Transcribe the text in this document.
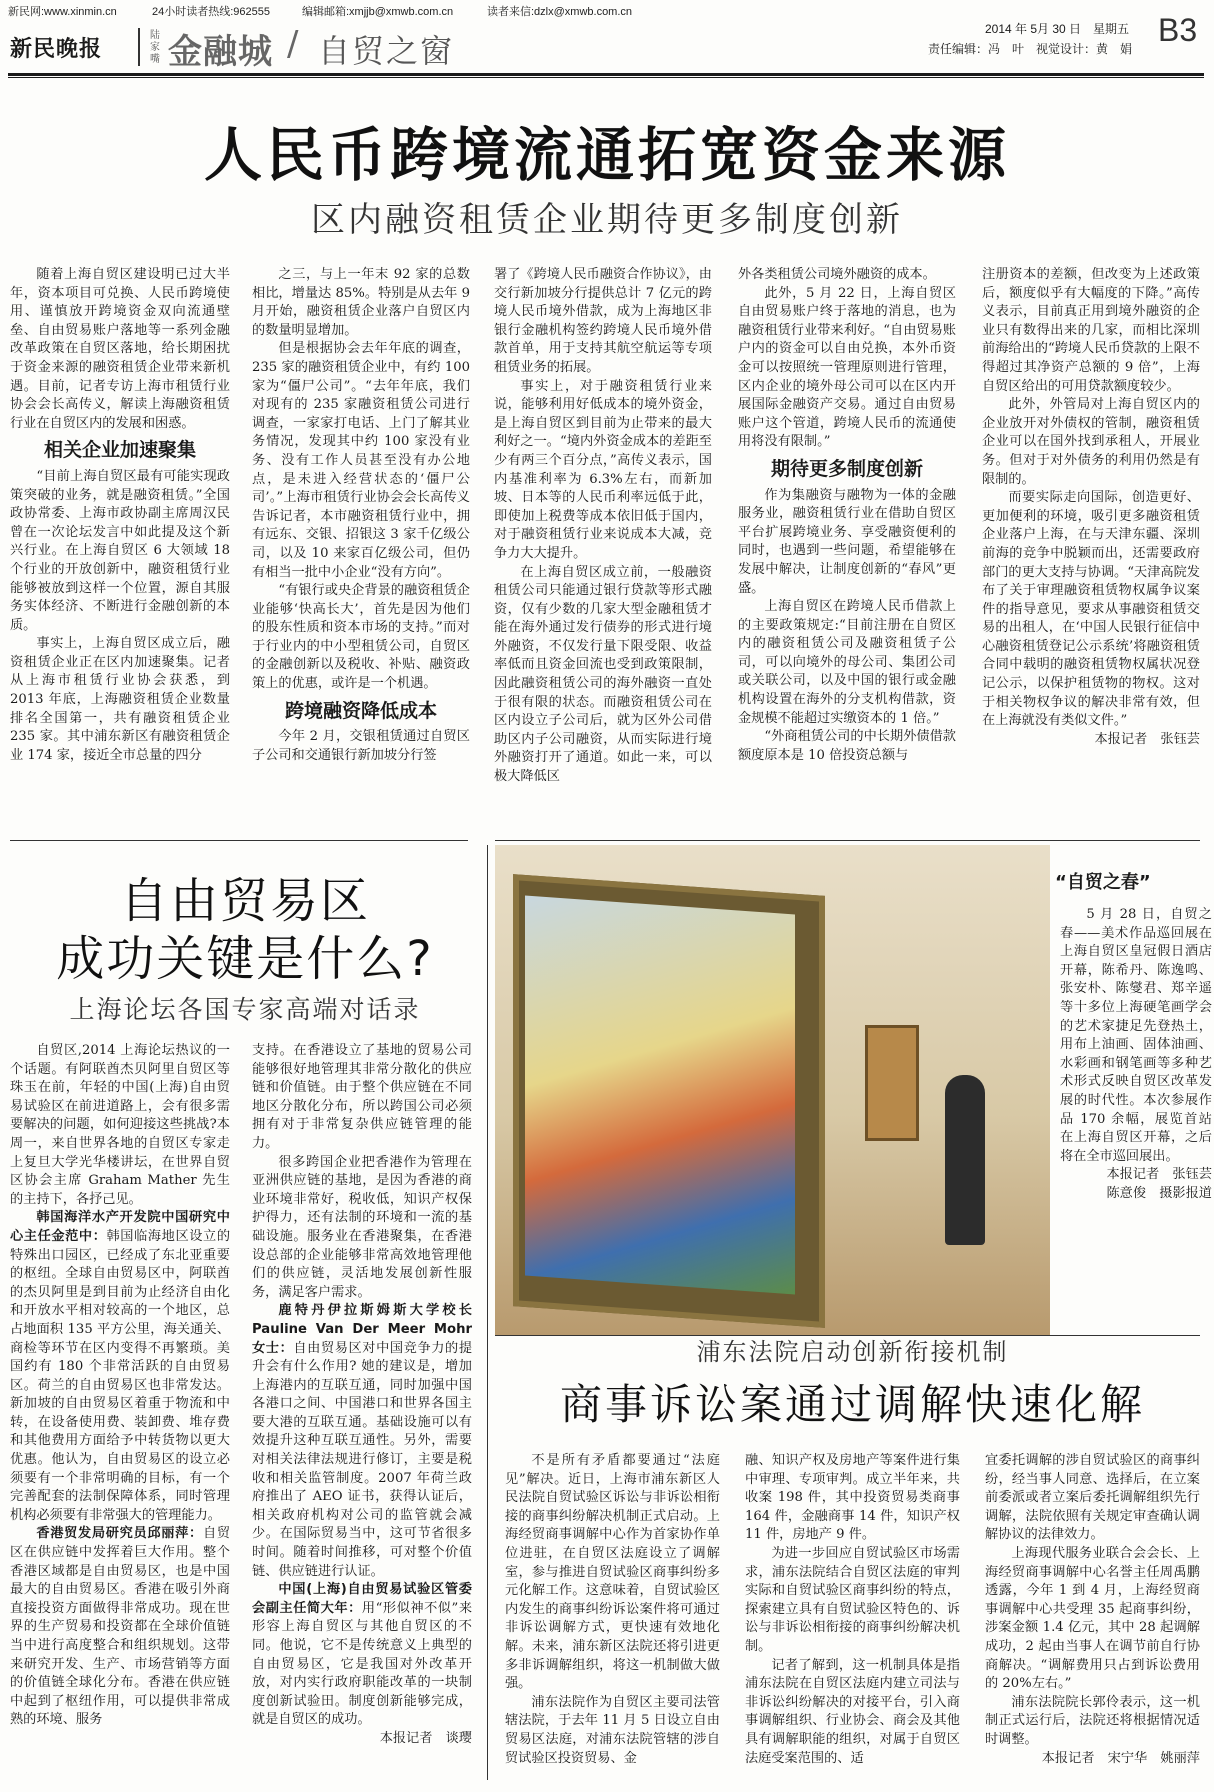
新民网:www.xinmin.cn	24小时读者热线:962555	编辑邮箱:xmjjb@xmwb.com.cn	读者来信:dzlx@xmwb.com.cn
新民晚报
陆家嘴 金融城 / 自贸之窗
2014 年 5月 30 日　星期五
责任编辑：冯　叶　视觉设计：黄　娟
B3
人民币跨境流通拓宽资金来源
区内融资租赁企业期待更多制度创新

随着上海自贸区建设明已过大半年，资本项目可兑换、人民币跨境使用、谨慎放开跨境资金双向流通壁垒、自由贸易账户落地等一系列金融改革政策在自贸区落地，给长期困扰于资金来源的融资租赁企业带来新机遇。目前，记者专访上海市租赁行业协会会长高传义，解读上海融资租赁行业在自贸区内的发展和困惑。

相关企业加速聚集

“目前上海自贸区最有可能实现政策突破的业务，就是融资租赁。”全国政协常委、上海市政协副主席周汉民曾在一次论坛发言中如此提及这个新兴行业。在上海自贸区 6 大领域 18 个行业的开放创新中，融资租赁行业能够被放到这样一个位置，源自其服务实体经济、不断进行金融创新的本质。

事实上，上海自贸区成立后，融资租赁企业正在区内加速聚集。记者从上海市租赁行业协会获悉，到 2013 年底，上海融资租赁企业数量排名全国第一，共有融资租赁企业 235 家。其中浦东新区有融资租赁企业 174 家，接近全市总量的四分

之三，与上一年末 92 家的总数相比，增量达 85%。特别是从去年 9 月开始，融资租赁企业落户自贸区内的数量明显增加。

但是根据协会去年年底的调查，235 家的融资租赁企业中，有约 100 家为“僵尸公司”。“去年年底，我们对现有的 235 家融资租赁公司进行调查，一家家打电话、上门了解其业务情况，发现其中约 100 家没有业务、没有工作人员甚至没有办公地点，是未进入经营状态的‘僵尸公司’。”上海市租赁行业协会会长高传义告诉记者，本市融资租赁行业中，拥有远东、交银、招银这 3 家千亿级公司，以及 10 来家百亿级公司，但仍有相当一批中小企业“没有方向”。

“有银行或央企背景的融资租赁企业能够‘快高长大’，首先是因为他们的股东性质和资本市场的支持。”而对于行业内的中小型租赁公司，自贸区的金融创新以及税收、补贴、融资政策上的优惠，或许是一个机遇。

跨境融资降低成本

今年 2 月，交银租赁通过自贸区子公司和交通银行新加坡分行签

署了《跨境人民币融资合作协议》，由交行新加坡分行提供总计 7 亿元的跨境人民币境外借款，成为上海地区非银行金融机构签约跨境人民币境外借款首单，用于支持其航空航运等专项租赁业务的拓展。

事实上，对于融资租赁行业来说，能够利用好低成本的境外资金，是上海自贸区到目前为止带来的最大利好之一。“境内外资金成本的差距至少有两三个百分点，”高传义表示，国内基准利率为 6.3%左右，而新加坡、日本等的人民币利率远低于此，即使加上税费等成本依旧低于国内，对于融资租赁行业来说成本大减，竞争力大大提升。

在上海自贸区成立前，一般融资租赁公司只能通过银行贷款等形式融资，仅有少数的几家大型金融租赁才能在海外通过发行债券的形式进行境外融资，不仅发行量下限受限、收益率低而且资金回流也受到政策限制，因此融资租赁公司的海外融资一直处于很有限的状态。而融资租赁公司在区内设立子公司后，就为区外公司借助区内子公司融资，从而实际进行境外融资打开了通道。如此一来，可以极大降低区

外各类租赁公司境外融资的成本。

此外，5 月 22 日，上海自贸区自由贸易账户终于落地的消息，也为融资租赁行业带来利好。“自由贸易账户内的资金可以自由兑换，本外币资金可以按照统一管理原则进行管理，区内企业的境外母公司可以在区内开展国际金融资产交易。通过自由贸易账户这个管道，跨境人民币的流通使用将没有限制。”

期待更多制度创新

作为集融资与融物为一体的金融服务业，融资租赁行业在借助自贸区平台扩展跨境业务、享受融资便利的同时，也遇到一些问题，希望能够在发展中解决，让制度创新的“春风”更盛。

上海自贸区在跨境人民币借款上的主要政策规定:“目前注册在自贸区内的融资租赁公司及融资租赁子公司，可以向境外的母公司、集团公司或关联公司，以及中国的银行或金融机构设置在海外的分支机构借款，资金规模不能超过实缴资本的 1 倍。”

“外商租赁公司的中长期外债借款额度原本是 10 倍投资总额与

注册资本的差额，但改变为上述政策后，额度似乎有大幅度的下降。”高传义表示，目前真正用到境外融资的企业只有数得出来的几家，而相比深圳前海给出的“跨境人民币贷款的上限不得超过其净资产总额的 9 倍”，上海自贸区给出的可用贷款额度较少。

此外，外管局对上海自贸区内的企业放开对外债权的管制，融资租赁企业可以在国外找到承租人，开展业务。但对于对外债务的利用仍然是有限制的。

而要实际走向国际，创造更好、更加便利的环境，吸引更多融资租赁企业落户上海，在与天津东疆、深圳前海的竞争中脱颖而出，还需要政府部门的更大支持与协调。“天津高院发布了关于审理融资租赁物权属争议案件的指导意见，要求从事融资租赁交易的出租人，在‘中国人民银行征信中心融资租赁登记公示系统’将融资租赁合同中载明的融资租赁物权属状况登记公示，以保护租赁物的物权。这对于相关物权争议的解决非常有效，但在上海就没有类似文件。”

本报记者　张钰芸

自由贸易区
成功关键是什么?
上海论坛各国专家高端对话录

自贸区,2014 上海论坛热议的一个话题。有阿联酋杰贝阿里自贸区等珠玉在前，年轻的中国(上海)自由贸易试验区在前进道路上，会有很多需要解决的问题，如何迎接这些挑战?本周一，来自世界各地的自贸区专家走上复旦大学光华楼讲坛，在世界自贸区协会主席 Graham Mather 先生的主持下，各抒己见。

韩国海洋水产开发院中国研究中心主任金范中：韩国临海地区设立的特殊出口园区，已经成了东北亚重要的枢纽。全球自由贸易区中，阿联酋的杰贝阿里是到目前为止经济自由化和开放水平相对较高的一个地区，总占地面积 135 平方公里，海关通关、商检等环节在区内变得不再繁琐。美国约有 180 个非常活跃的自由贸易区。荷兰的自由贸易区也非常发达。新加坡的自由贸易区着重于物流和中转，在设备使用费、装卸费、堆存费和其他费用方面给予中转货物以更大优惠。他认为，自由贸易区的设立必须要有一个非常明确的目标，有一个完善配套的法制保障体系，同时管理机构必须要有非常强大的管理能力。

香港贸发局研究员邱丽萍：自贸区在供应链中发挥着巨大作用。整个香港区域都是自由贸易区，也是中国最大的自由贸易区。香港在吸引外商直接投资方面做得非常成功。现在世界的生产贸易和投资都在全球价值链当中进行高度整合和组织规划。这带来研究开发、生产、市场营销等方面的价值链全球化分布。香港在供应链中起到了枢纽作用，可以提供非常成熟的环境、服务

支持。在香港设立了基地的贸易公司能够很好地管理其非常分散化的供应链和价值链。由于整个供应链在不同地区分散化分布，所以跨国公司必须拥有对于非常复杂供应链管理的能力。

很多跨国企业把香港作为管理在亚洲供应链的基地，是因为香港的商业环境非常好，税收低，知识产权保护得力，还有法制的环境和一流的基础设施。服务业在香港聚集，在香港设总部的企业能够非常高效地管理他们的供应链，灵活地发展创新性服务，满足客户需求。

鹿特丹伊拉斯姆斯大学校长 Pauline Van Der Meer Mohr 女士：自由贸易区对中国竞争力的提升会有什么作用? 她的建议是，增加上海港内的互联互通，同时加强中国各港口之间、中国港口和世界各国主要大港的互联互通。基础设施可以有效提升这种互联互通性。另外，需要对相关法律法规进行修订，主要是税收和相关监管制度。2007 年荷兰政府推出了 AEO 证书，获得认证后，相关政府机构对公司的监管就会减少。在国际贸易当中，这可节省很多时间。随着时间推移，可对整个价值链、供应链进行认证。

中国(上海)自由贸易试验区管委会副主任简大年：用“形似神不似”来形容上海自贸区与其他自贸区的不同。他说，它不是传统意义上典型的自由贸易区，它是我国对外改革开放，对内实行政府职能改革的一块制度创新试验田。制度创新能够完成，就是自贸区的成功。

本报记者　谈璎

“自贸之春”

5 月 28 日，自贸之春——美术作品巡回展在上海自贸区皇冠假日酒店开幕，陈希丹、陈逸鸣、张安朴、陈燮君、郑辛遥等十多位上海硬笔画学会的艺术家捷足先登热土，用布上油画、固体油画、水彩画和钢笔画等多种艺术形式反映自贸区改革发展的时代性。本次参展作品 170 余幅，展览首站在上海自贸区开幕，之后将在全市巡回展出。

本报记者　张钰芸

陈意俊　摄影报道

浦东法院启动创新衔接机制
商事诉讼案通过调解快速化解

不是所有矛盾都要通过“法庭见”解决。近日，上海市浦东新区人民法院自贸试验区诉讼与非诉讼相衔接的商事纠纷解决机制正式启动。上海经贸商事调解中心作为首家协作单位进驻，在自贸区法庭设立了调解室，参与推进自贸试验区商事纠纷多元化解工作。这意味着，自贸试验区内发生的商事纠纷诉讼案件将可通过非诉讼调解方式，更快速有效地化解。未来，浦东新区法院还将引进更多非诉调解组织，将这一机制做大做强。

浦东法院作为自贸区主要司法管辖法院，于去年 11 月 5 日设立自由贸易区法庭，对浦东法院管辖的涉自贸试验区投资贸易、金

融、知识产权及房地产等案件进行集中审理、专项审判。成立半年来，共收案 198 件，其中投资贸易类商事 164 件，金融商事 14 件，知识产权 11 件，房地产 9 件。

为进一步回应自贸试验区市场需求，浦东法院结合自贸区法庭的审判实际和自贸试验区商事纠纷的特点，探索建立具有自贸试验区特色的、诉讼与非诉讼相衔接的商事纠纷解决机制。

记者了解到，这一机制具体是指浦东法院在自贸区法庭内建立司法与非诉讼纠纷解决的对接平台，引入商事调解组织、行业协会、商会及其他具有调解职能的组织，对属于自贸区法庭受案范围的、适

宜委托调解的涉自贸试验区的商事纠纷，经当事人同意、选择后，在立案前委派或者立案后委托调解组织先行调解，法院依照有关规定审查确认调解协议的法律效力。

上海现代服务业联合会会长、上海经贸商事调解中心名誉主任周禹鹏透露，今年 1 到 4 月，上海经贸商事调解中心共受理 35 起商事纠纷，涉案金额 1.4 亿元，其中 28 起调解成功，2 起由当事人在调节前自行协商解决。“调解费用只占到诉讼费用的 20%左右。”

浦东法院院长郭伶表示，这一机制正式运行后，法院还将根据情况适时调整。

本报记者　宋宁华　姚丽萍
